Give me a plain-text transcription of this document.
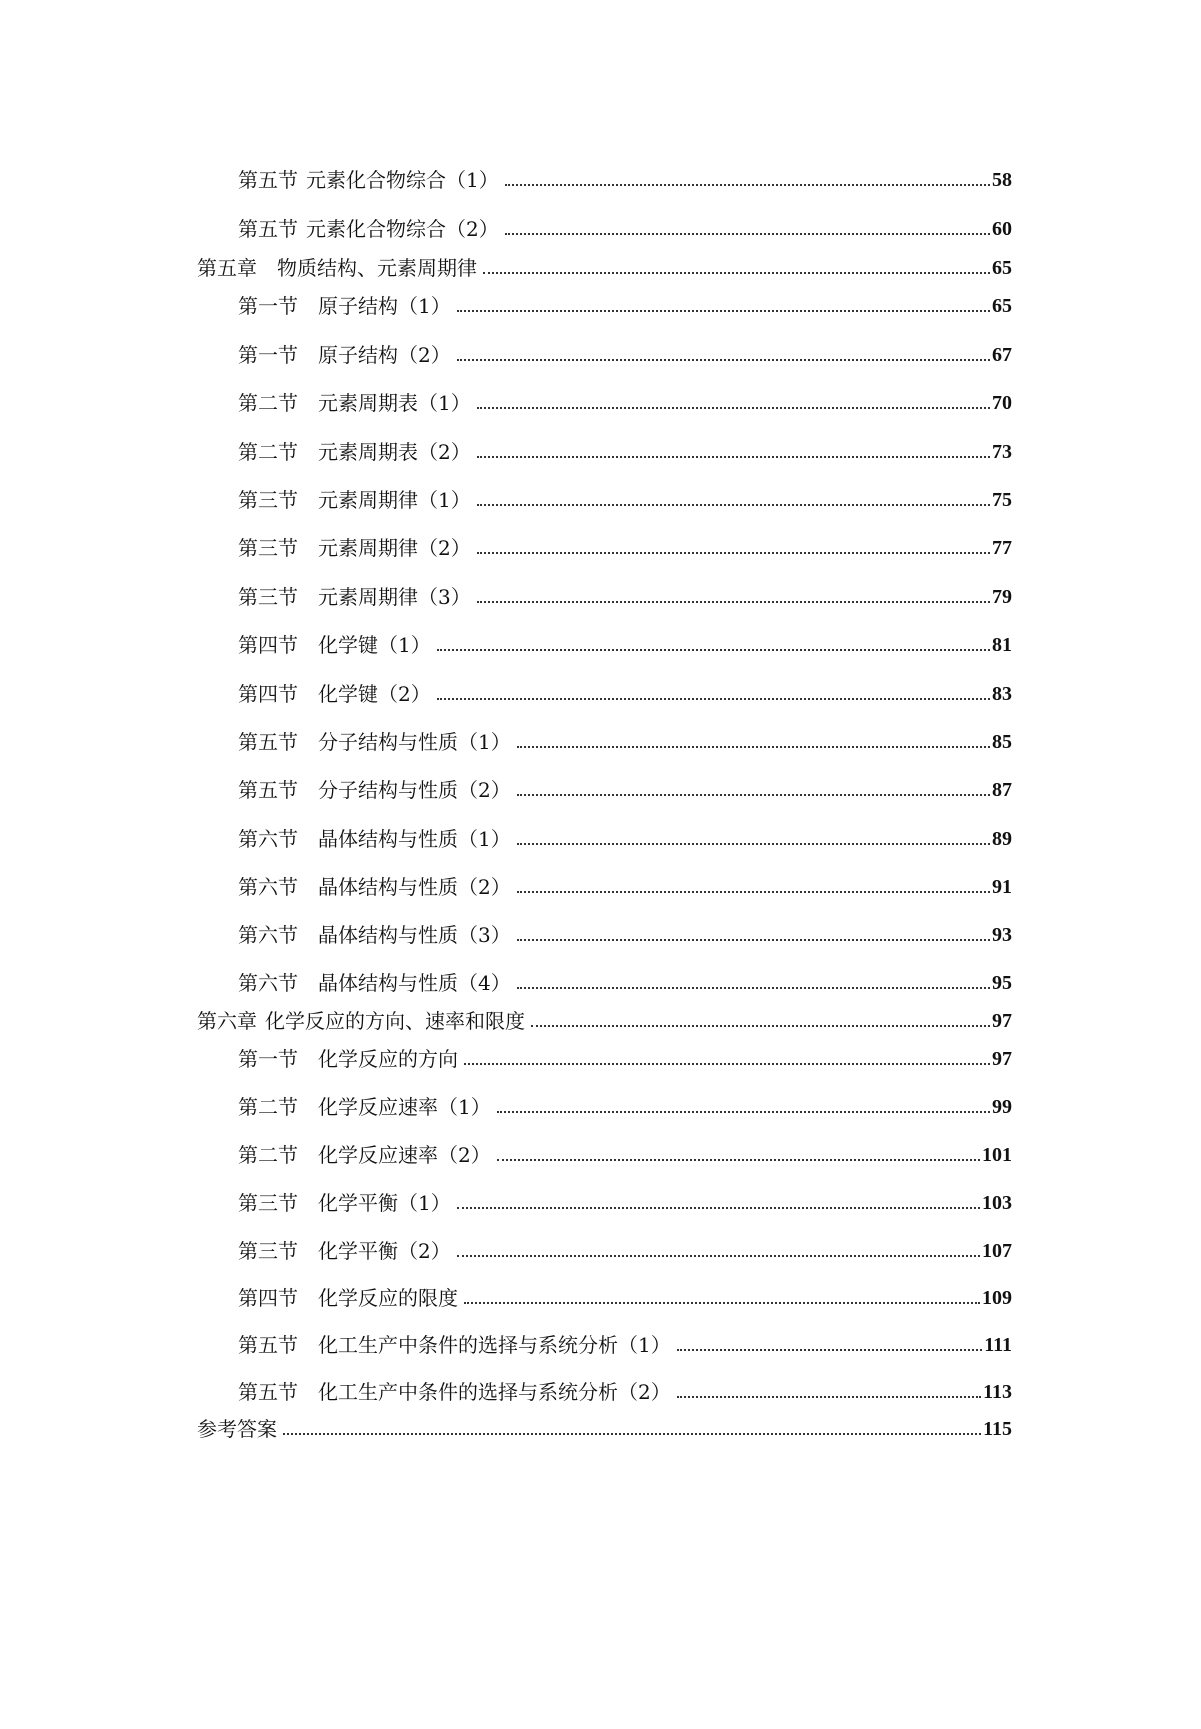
第五节 元素化合物综合（1）	58
第五节 元素化合物综合（2）	60
第五章 物质结构、元素周期律	65
第一节 原子结构（1）	65
第一节 原子结构（2）	67
第二节 元素周期表（1）	70
第二节 元素周期表（2）	73
第三节 元素周期律（1）	75
第三节 元素周期律（2）	77
第三节 元素周期律（3）	79
第四节 化学键（1）	81
第四节 化学键（2）	83
第五节 分子结构与性质（1）	85
第五节 分子结构与性质（2）	87
第六节 晶体结构与性质（1）	89
第六节 晶体结构与性质（2）	91
第六节 晶体结构与性质（3）	93
第六节 晶体结构与性质（4）	95
第六章 化学反应的方向、速率和限度	97
第一节 化学反应的方向	97
第二节 化学反应速率（1）	99
第二节 化学反应速率（2）	101
第三节 化学平衡（1）	103
第三节 化学平衡（2）	107
第四节 化学反应的限度	109
第五节 化工生产中条件的选择与系统分析（1）	111
第五节 化工生产中条件的选择与系统分析（2）	113
参考答案	115
